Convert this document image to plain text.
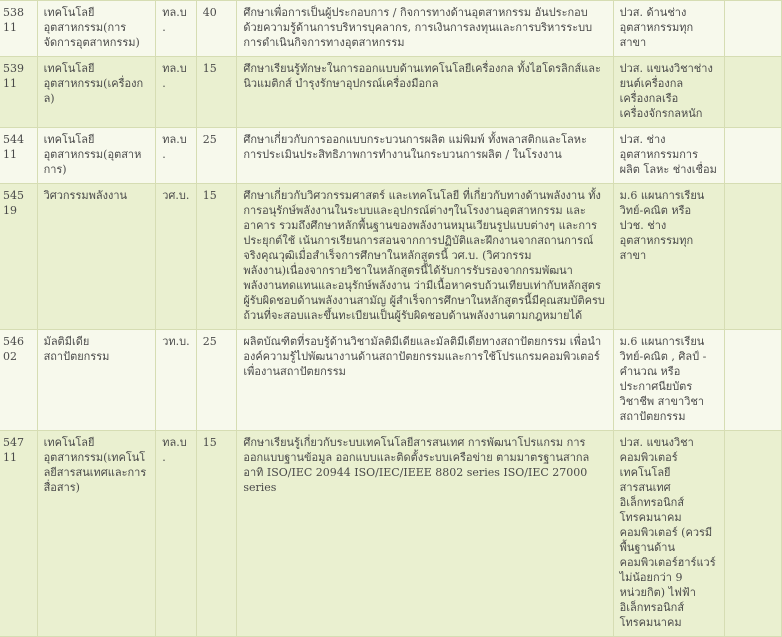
53811	เทคโนโลยีอุตสาหกรรม(การจัดการอุตสาหกรรม)	ทล.บ.	40	ศึกษาเพื่อการเป็นผู้ประกอบการ / กิจการทางด้านอุตสาหกรรม อันประกอบด้วยความรู้ด้านการบริหารบุคลากร, การเงินการลงทุนและการบริหารระบบการดำเนินกิจการทางอุตสาหกรรม	ปวส. ด้านช่างอุตสาหกรรมทุกสาขา	
53911	เทคโนโลยีอุตสาหกรรม(เครื่องกล)	ทล.บ.	15	ศึกษาเรียนรู้ทักษะในการออกแบบด้านเทคโนโลยีเครื่องกล ทั้งไฮโดรลิกส์และนิวแมติกส์ บำรุงรักษาอุปกรณ์เครื่องมือกล	ปวส. แขนงวิชาช่างยนต์เครื่องกล เครื่องกลเรือเครื่องจักรกลหนัก	
54411	เทคโนโลยีอุตสาหกรรม(อุตสาหการ)	ทล.บ.	25	ศึกษาเกี่ยวกับการออกแบบกระบวนการผลิต แม่พิมพ์ ทั้งพลาสติกและโลหะ การประเมินประสิทธิภาพการทำงานในกระบวนการผลิต / ในโรงงาน	ปวส. ช่างอุตสาหกรรมการผลิต โลหะ ช่างเชื่อม	
54519	วิศวกรรมพลังงาน	วศ.บ.	15	ศึกษาเกี่ยวกับวิศวกรรมศาสตร์ และเทคโนโลยี ที่เกี่ยวกับทางด้านพลังงาน ทั้งการอนุรักษ์พลังงานในระบบและอุปกรณ์ต่างๆในโรงงานอุตสาหกรรม และอาคาร รวมถึงศึกษาหลักพื้นฐานของพลังงานหมุนเวียนรูปแบบต่างๆ และการประยุกต์ใช้ เน้นการเรียนการสอนจากการปฏิบัติและฝึกงานจากสถานการณ์จริงคุณวุฒิเมื่อสำเร็จการศึกษาในหลักสูตรนี้ วศ.บ. (วิศวกรรมพลังงาน)เนื่องจากรายวิชาในหลักสูตรนี้ได้รับการรับรองจากกรมพัฒนาพลังงานทดแทนและอนุรักษ์พลังงาน ว่ามีเนื้อหาครบถ้วนเทียบเท่ากับหลักสูตรผู้รับผิดชอบด้านพลังงานสามัญ ผู้สำเร็จการศึกษาในหลักสูตรนี้มีคุณสมบัติครบถ้วนที่จะสอบและขึ้นทะเบียนเป็นผู้รับผิดชอบด้านพลังงานตามกฎหมายได้	ม.6 แผนการเรียนวิทย์-คณิต หรือ ปวช. ช่างอุตสาหกรรมทุกสาขา	
54602	มัลติมีเดียสถาปัตยกรรม	วท.บ.	25	ผลิตบัณฑิตที่รอบรู้ด้านวิชามัลติมีเดียและมัลติมีเดียทางสถาปัตยกรรม เพื่อนำองค์ความรู้ไปพัฒนางานด้านสถาปัตยกรรมและการใช้โปรแกรมคอมพิวเตอร์เพื่องานสถาปัตยกรรม	ม.6 แผนการเรียนวิทย์-คณิต , ศิลป์ - คำนวณ หรือประกาศนียบัตรวิชาชีพ สาขาวิชาสถาปัตยกรรม	
54711	เทคโนโลยีอุตสาหกรรม(เทคโนโลยีสารสนเทศและการสื่อสาร)	ทล.บ.	15	ศึกษาเรียนรู้เกี่ยวกับระบบเทคโนโลยีสารสนเทศ การพัฒนาโปรแกรม การออกแบบฐานข้อมูล ออกแบบและติดตั้งระบบเครือข่าย ตามมาตรฐานสากล อาทิ ISO/IEC 20944 ISO/IEC/IEEE 8802 series ISO/IEC 27000 series	ปวส. แขนงวิชาคอมพิวเตอร์เทคโนโลยีสารสนเทศ อิเล็กทรอนิกส์โทรคมนาคม คอมพิวเตอร์ (ควรมีพื้นฐานด้านคอมพิวเตอร์ฮาร์แวร์ไม่น้อยกว่า 9 หน่วยกิต) ไฟฟ้าอิเล็กทรอนิกส์โทรคมนาคม	
